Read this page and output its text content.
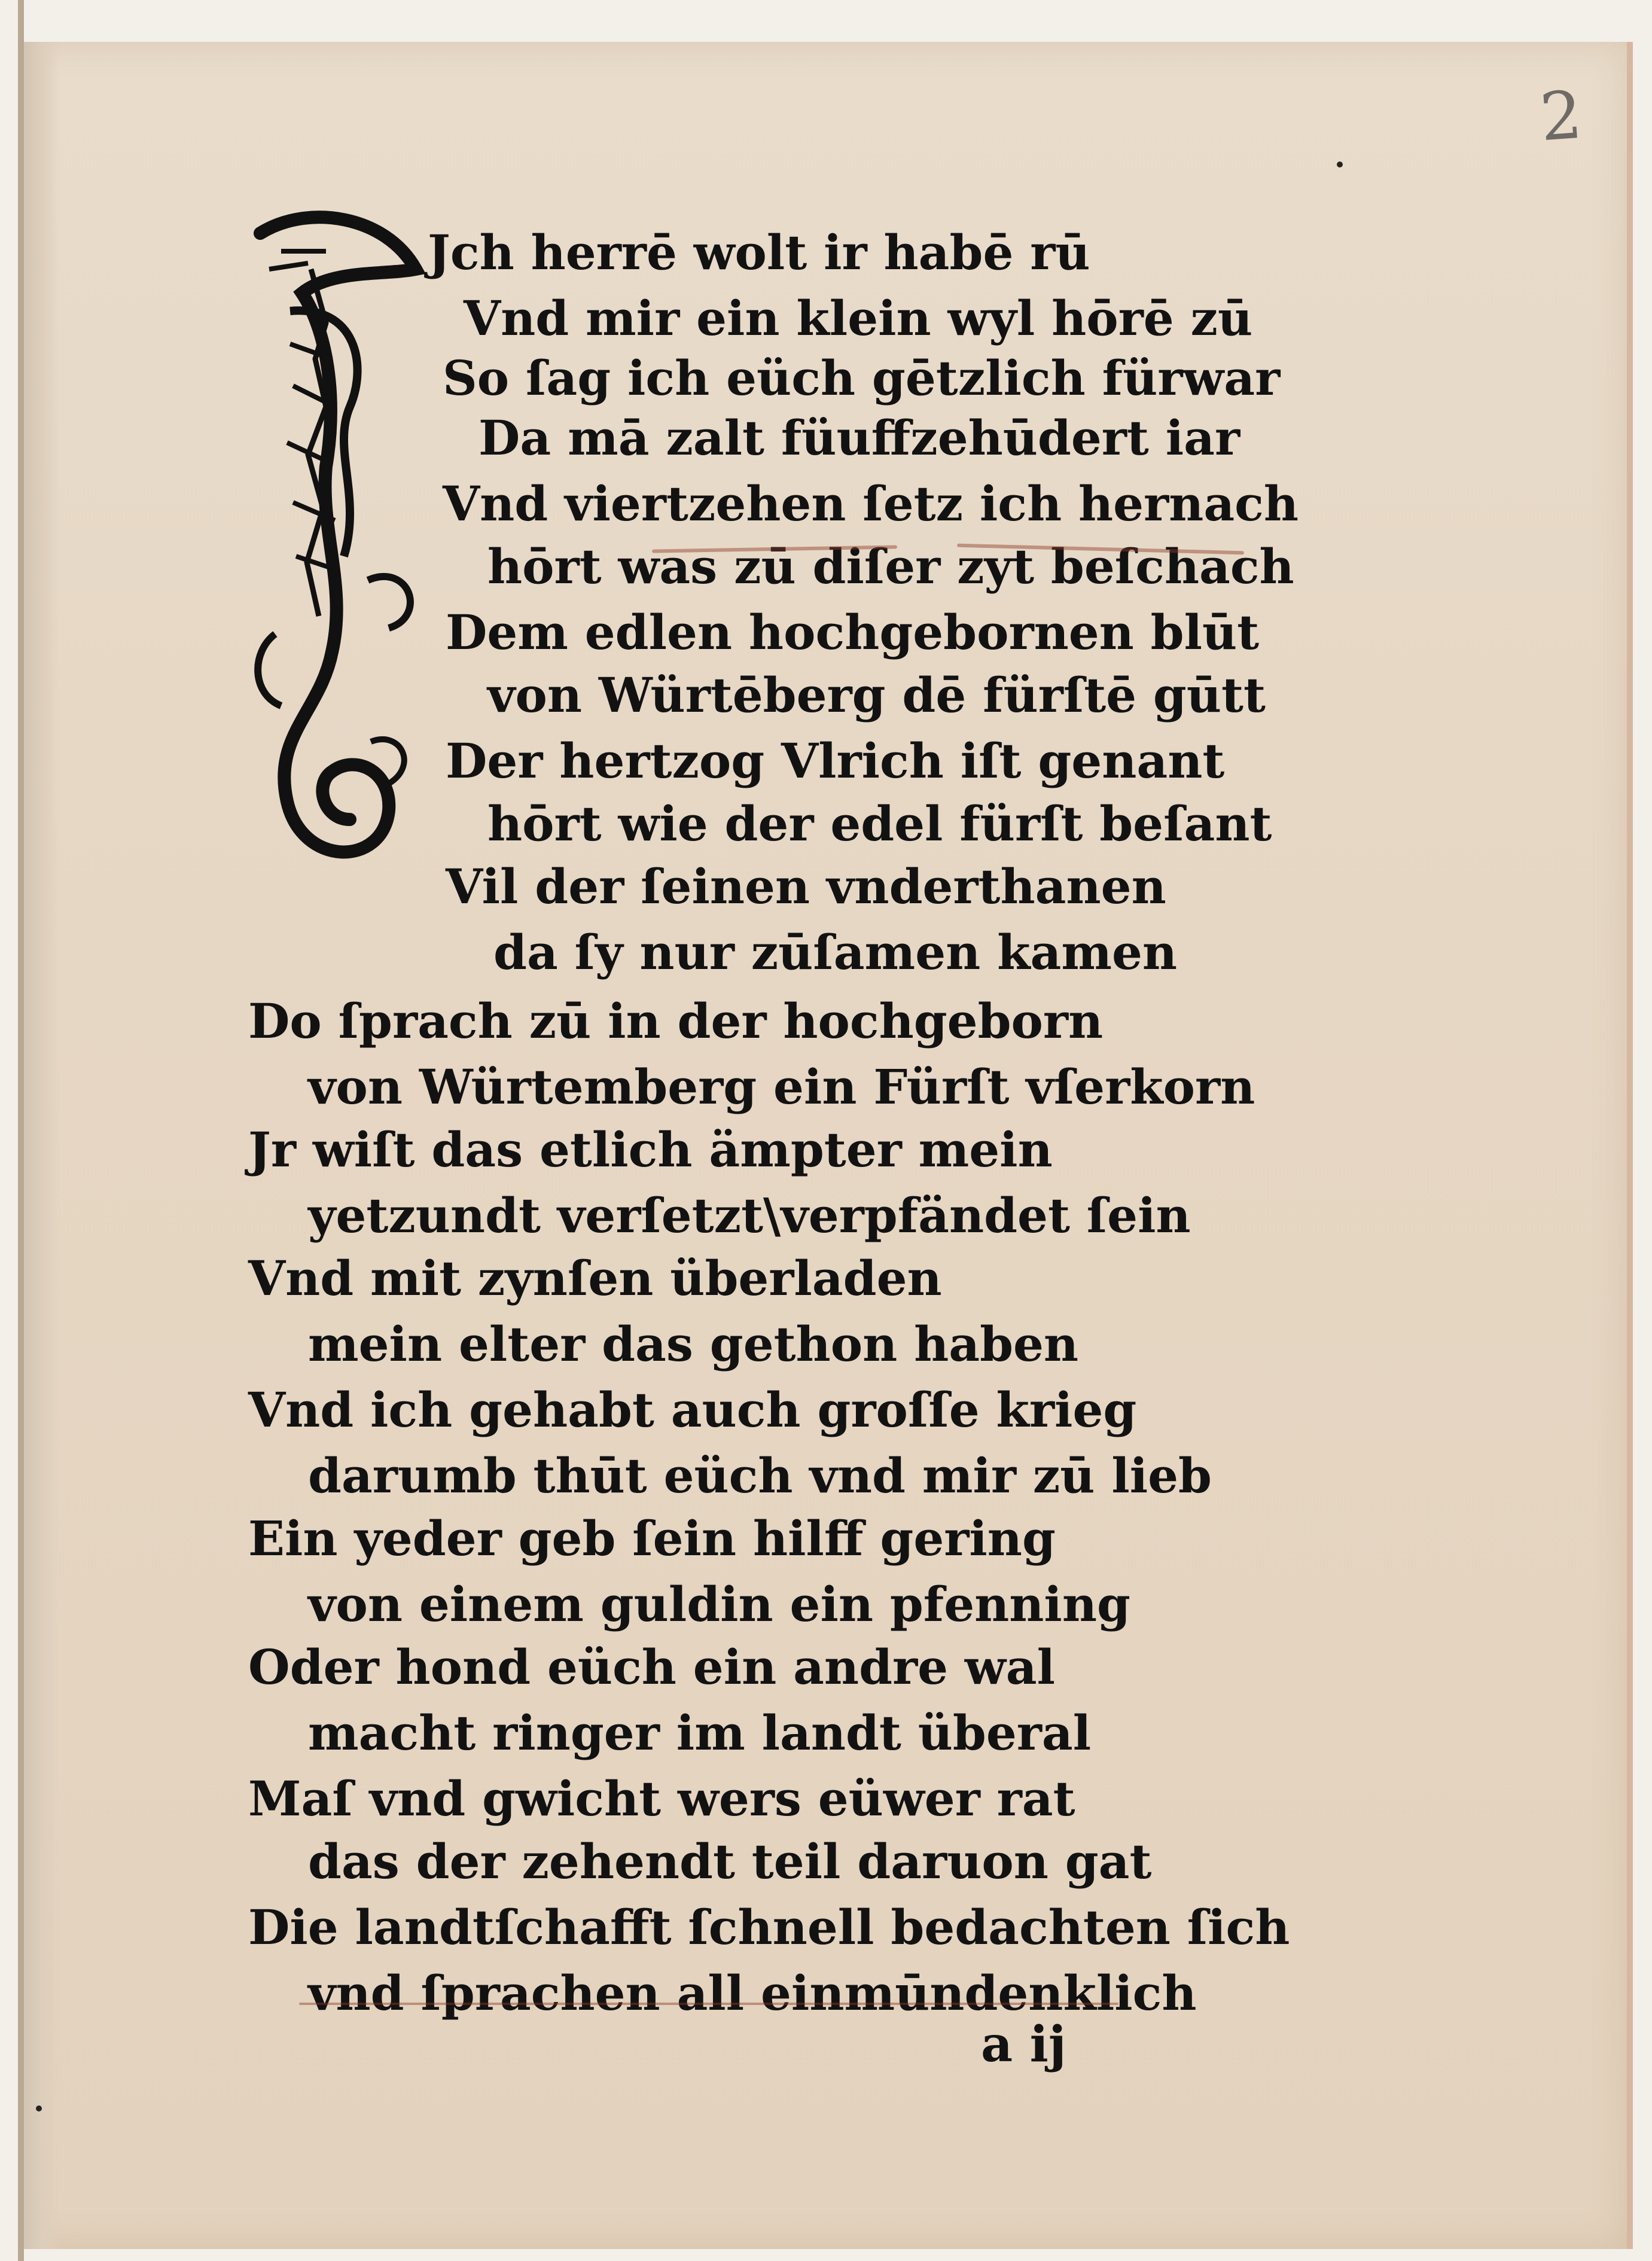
2
Jch herrē wolt ir habē rū
Vnd mir ein klein wyl hōrē zū
So ſag ich eüch gētzlich fürwar
Da mā zalt füuffzehūdert iar
Vnd viertzehen ſetz ich hernach
hōrt was zū diſer zyt beſchach
Dem edlen hochgebornen blūt
von Würtēberg dē fürſtē gūtt
Der hertzog Vlrich iſt genant
hōrt wie der edel fürſt beſant
Vil der ſeinen vnderthanen
da ſy nur zūſamen kamen
Do ſprach zū in der hochgeborn
von Würtemberg ein Fürſt vſerkorn
Jr wiſt das etlich ämpter mein
yetzundt verſetzt\verpfändet ſein
Vnd mit zynſen überladen
mein elter das gethon haben
Vnd ich gehabt auch groſſe krieg
darumb thūt eüch vnd mir zū lieb
Ein yeder geb ſein hilff gering
von einem guldin ein pfenning
Oder hond eüch ein andre wal
macht ringer im landt überal
Maſ vnd gwicht wers eüwer rat
das der zehendt teil daruon gat
Die landtſchafft ſchnell bedachten ſich
vnd ſprachen all einmūndenklich
a ij
